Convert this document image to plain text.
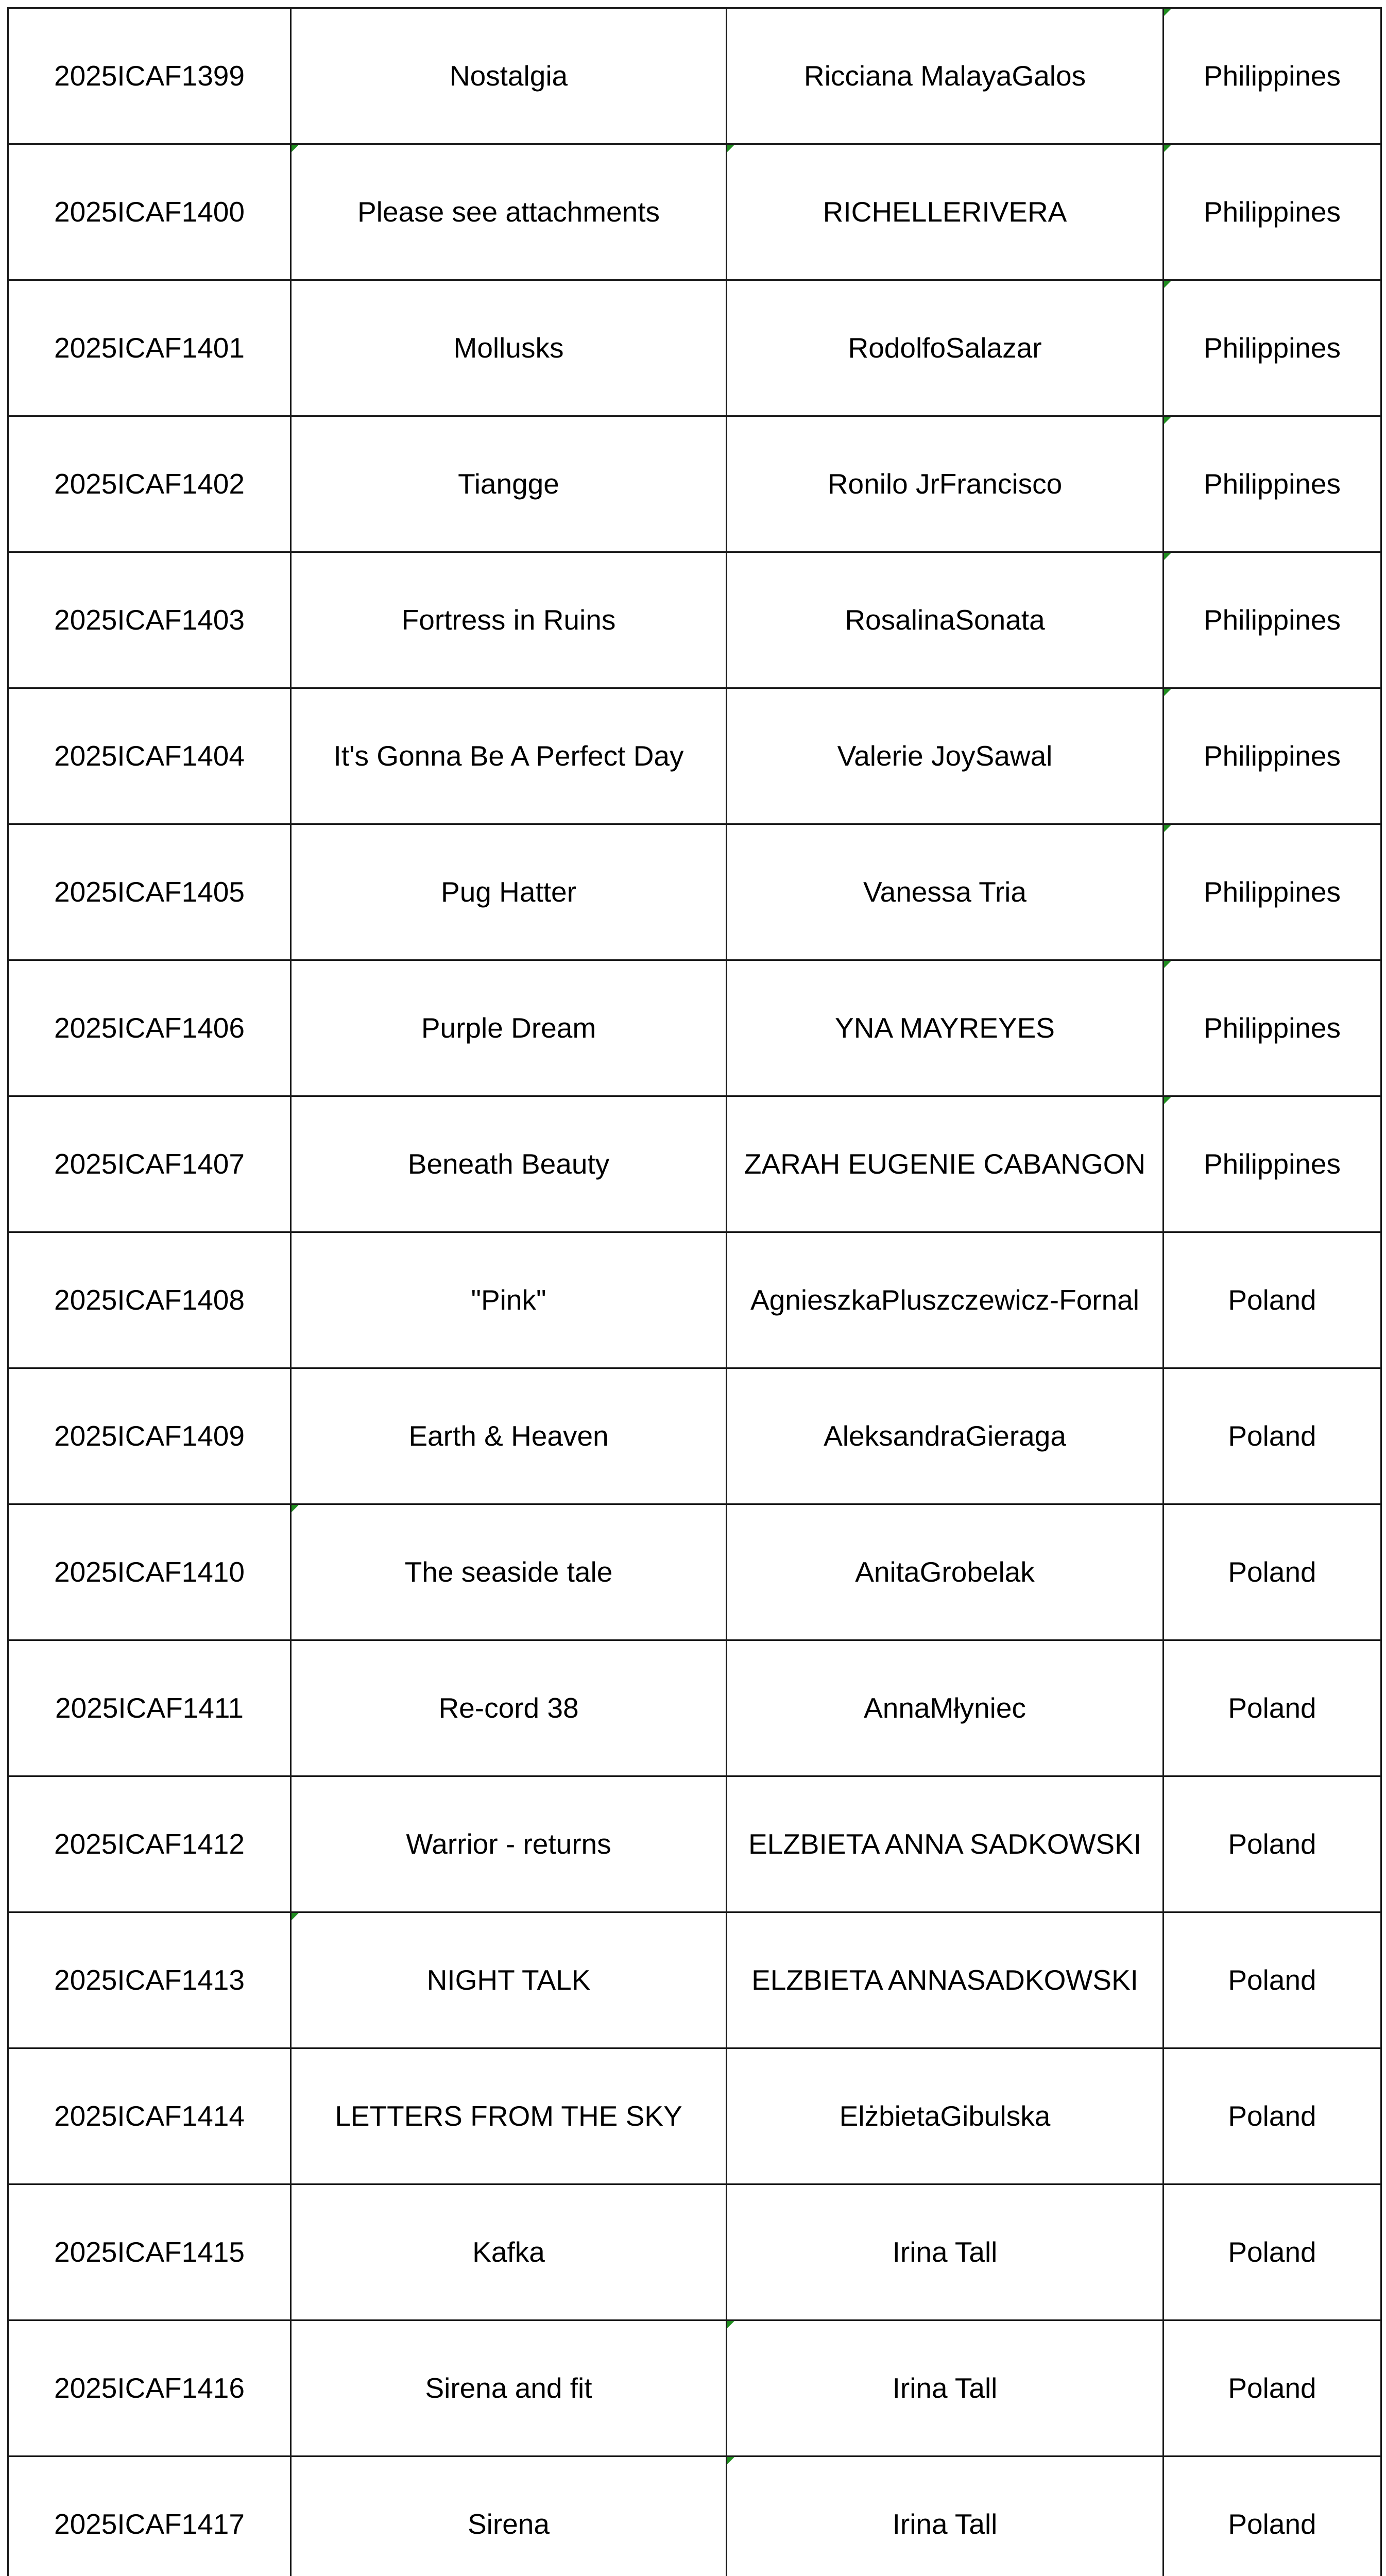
2025ICAF1399	Nostalgia	Ricciana MalayaGalos	Philippines
2025ICAF1400	Please see attachments	RICHELLERIVERA	Philippines
2025ICAF1401	Mollusks	RodolfoSalazar	Philippines
2025ICAF1402	Tiangge	Ronilo JrFrancisco	Philippines
2025ICAF1403	Fortress in Ruins	RosalinaSonata	Philippines
2025ICAF1404	It's Gonna Be A Perfect Day	Valerie JoySawal	Philippines
2025ICAF1405	Pug Hatter	Vanessa Tria	Philippines
2025ICAF1406	Purple Dream	YNA MAYREYES	Philippines
2025ICAF1407	Beneath Beauty	ZARAH EUGENIE CABANGON	Philippines
2025ICAF1408	"Pink"	AgnieszkaPluszczewicz-Fornal	Poland
2025ICAF1409	Earth & Heaven	AleksandraGieraga	Poland
2025ICAF1410	The seaside tale	AnitaGrobelak	Poland
2025ICAF1411	Re-cord 38	AnnaMłyniec	Poland
2025ICAF1412	Warrior - returns	ELZBIETA ANNA SADKOWSKI	Poland
2025ICAF1413	NIGHT TALK	ELZBIETA ANNASADKOWSKI	Poland
2025ICAF1414	LETTERS FROM THE SKY	ElżbietaGibulska	Poland
2025ICAF1415	Kafka	Irina Tall	Poland
2025ICAF1416	Sirena and fit	Irina Tall	Poland
2025ICAF1417	Sirena	Irina Tall	Poland
